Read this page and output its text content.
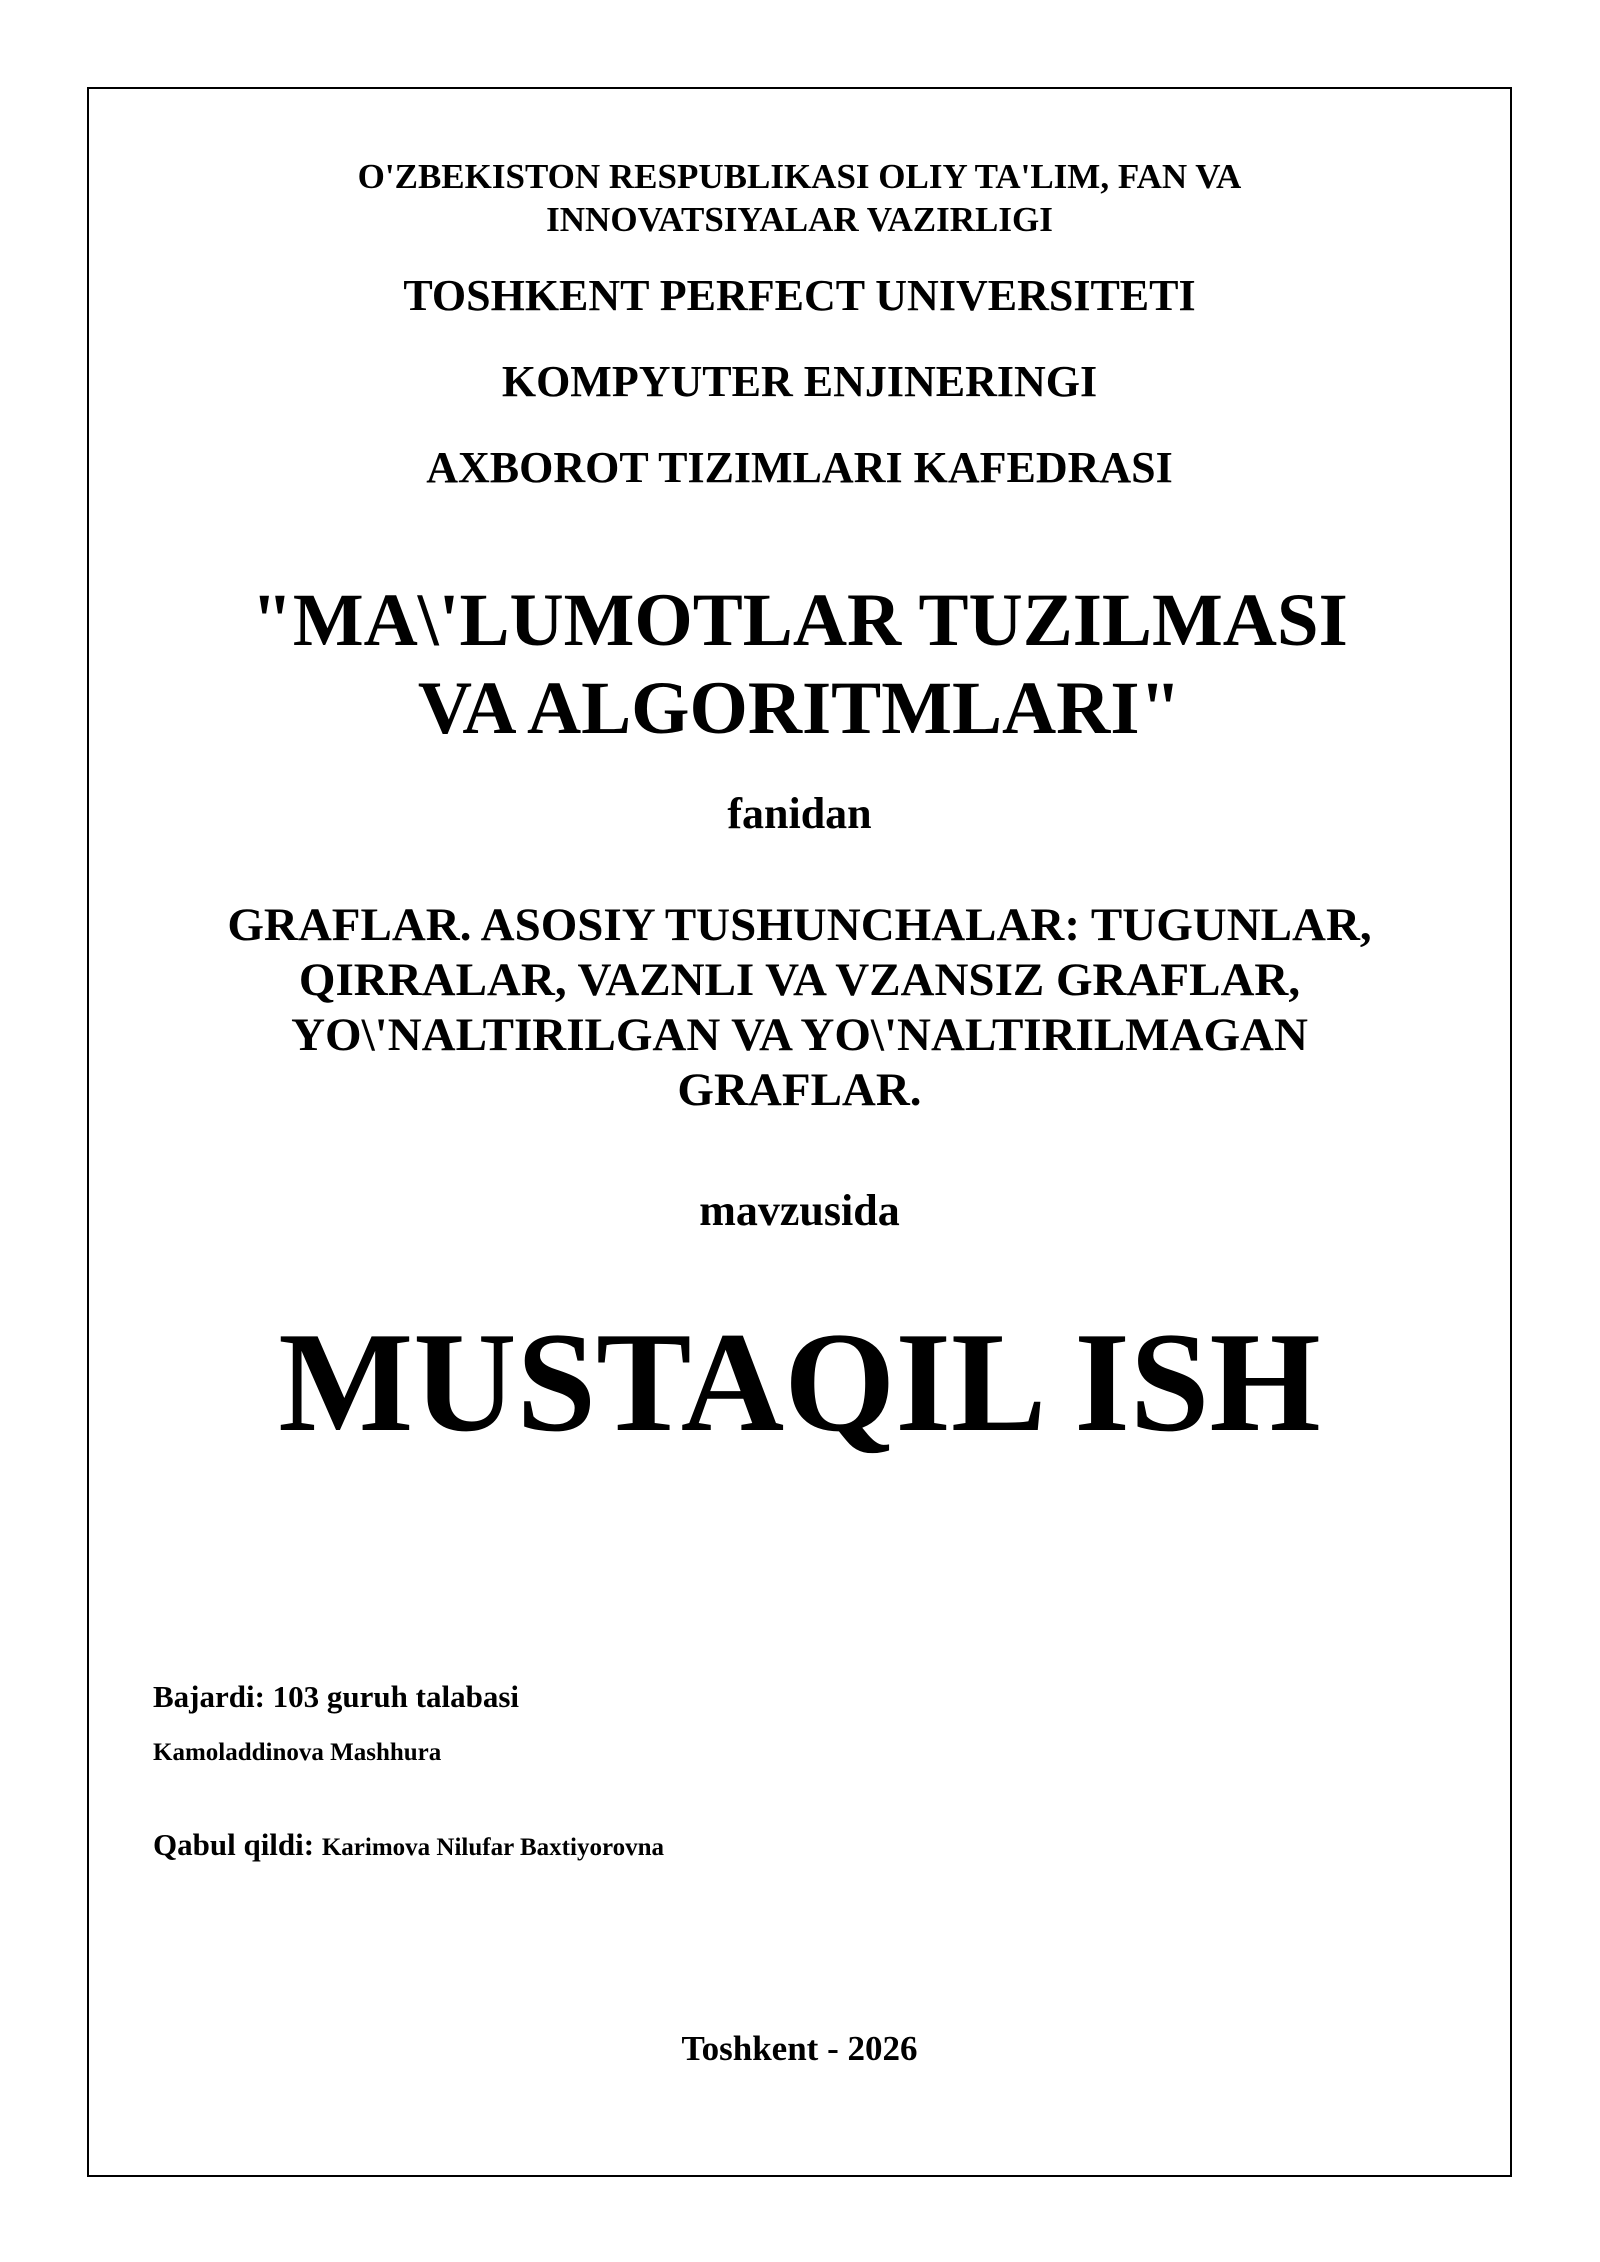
O'ZBEKISTON RESPUBLIKASI OLIY TA'LIM, FAN VA
INNOVATSIYALAR VAZIRLIGI
TOSHKENT PERFECT UNIVERSITETI
KOMPYUTER ENJINERINGI
AXBOROT TIZIMLARI KAFEDRASI
"MA\'LUMOTLAR TUZILMASI
VA ALGORITMLARI"
fanidan
GRAFLAR. ASOSIY TUSHUNCHALAR: TUGUNLAR,
QIRRALAR, VAZNLI VA VZANSIZ GRAFLAR,
YO\'NALTIRILGAN VA YO\'NALTIRILMAGAN
GRAFLAR.
mavzusida
MUSTAQIL ISH
Bajardi: 103 guruh talabasi
Kamoladdinova Mashhura
Qabul qildi: Karimova Nilufar Baxtiyorovna
Toshkent - 2026
